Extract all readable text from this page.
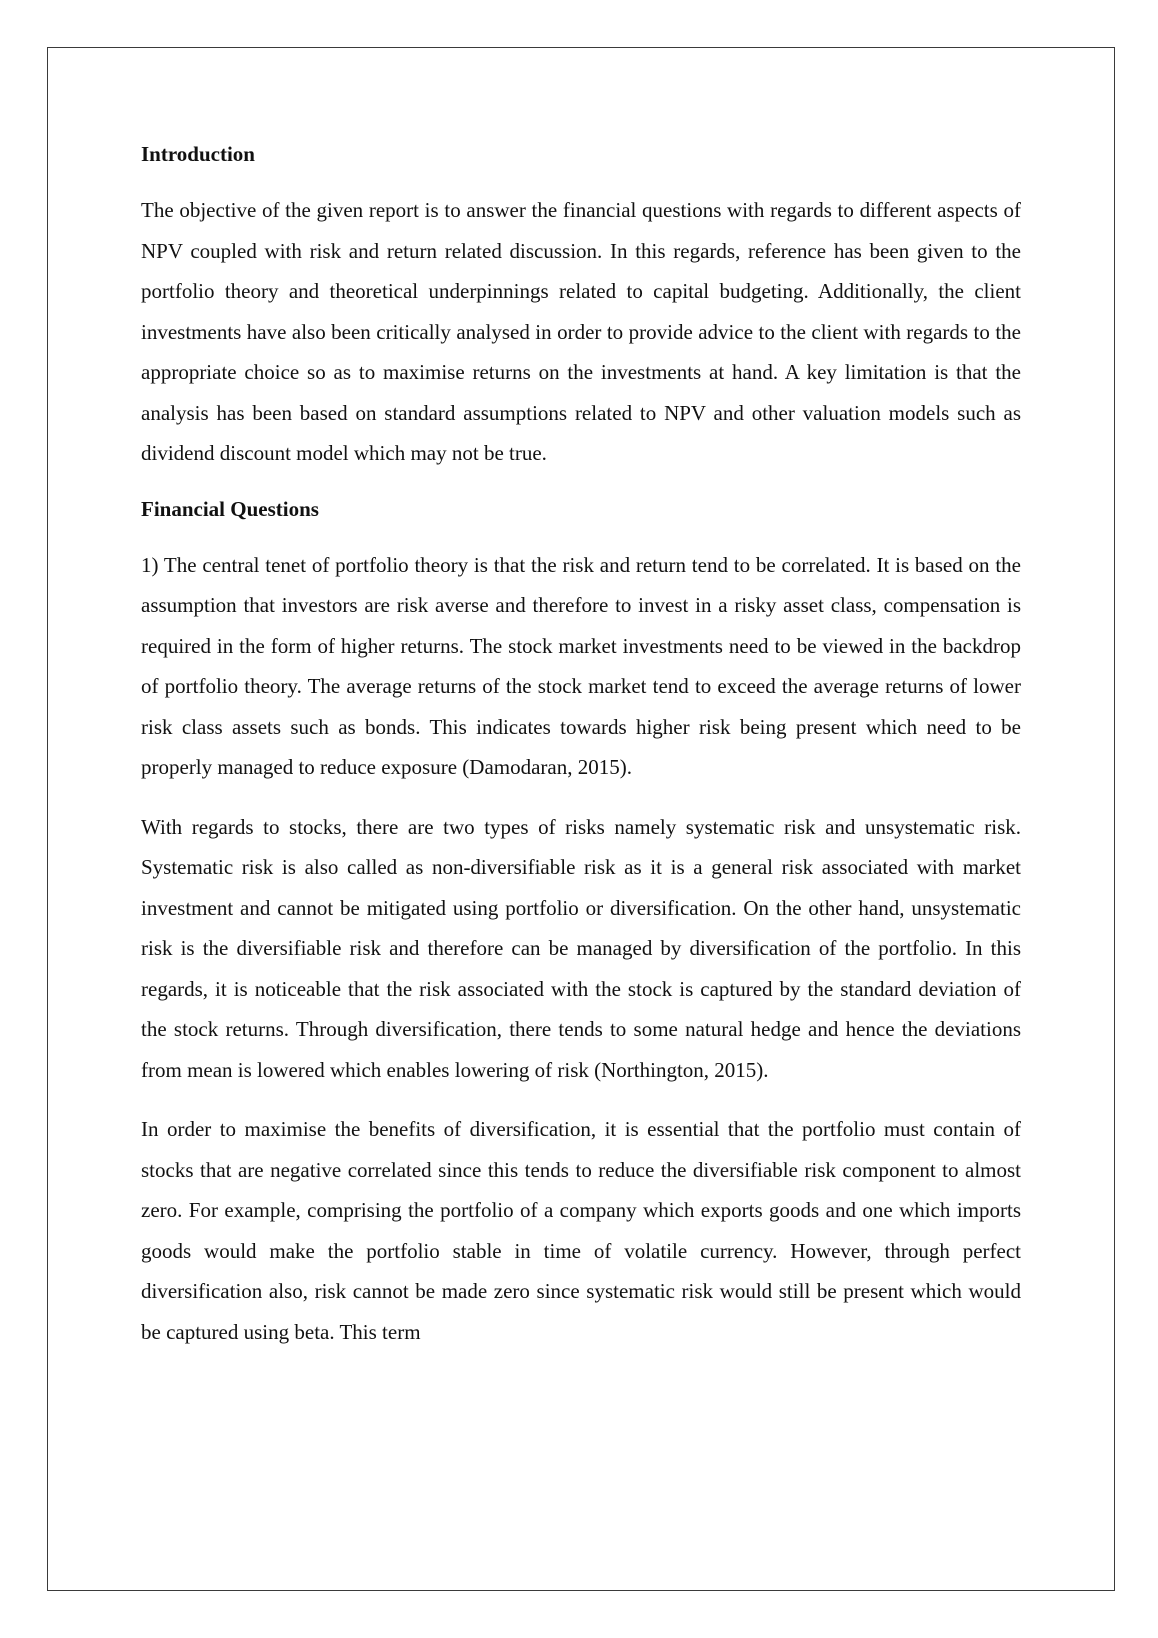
Introduction

The objective of the given report is to answer the financial questions with regards to different aspects of NPV coupled with risk and return related discussion. In this regards, reference has been given to the portfolio theory and theoretical underpinnings related to capital budgeting. Additionally, the client investments have also been critically analysed in order to provide advice to the client with regards to the appropriate choice so as to maximise returns on the investments at hand. A key limitation is that the analysis has been based on standard assumptions related to NPV and other valuation models such as dividend discount model which may not be true.

Financial Questions

1) The central tenet of portfolio theory is that the risk and return tend to be correlated. It is based on the assumption that investors are risk averse and therefore to invest in a risky asset class, compensation is required in the form of higher returns. The stock market investments need to be viewed in the backdrop of portfolio theory. The average returns of the stock market tend to exceed the average returns of lower risk class assets such as bonds. This indicates towards higher risk being present which need to be properly managed to reduce exposure (Damodaran, 2015).

With regards to stocks, there are two types of risks namely systematic risk and unsystematic risk. Systematic risk is also called as non-diversifiable risk as it is a general risk associated with market investment and cannot be mitigated using portfolio or diversification. On the other hand, unsystematic risk is the diversifiable risk and therefore can be managed by diversification of the portfolio. In this regards, it is noticeable that the risk associated with the stock is captured by the standard deviation of the stock returns. Through diversification, there tends to some natural hedge and hence the deviations from mean is lowered which enables lowering of risk (Northington, 2015).

In order to maximise the benefits of diversification, it is essential that the portfolio must contain of stocks that are negative correlated since this tends to reduce the diversifiable risk component to almost zero. For example, comprising the portfolio of a company which exports goods and one which imports goods would make the portfolio stable in time of volatile currency. However, through perfect diversification also, risk cannot be made zero since systematic risk would still be present which would be captured using beta. This term
